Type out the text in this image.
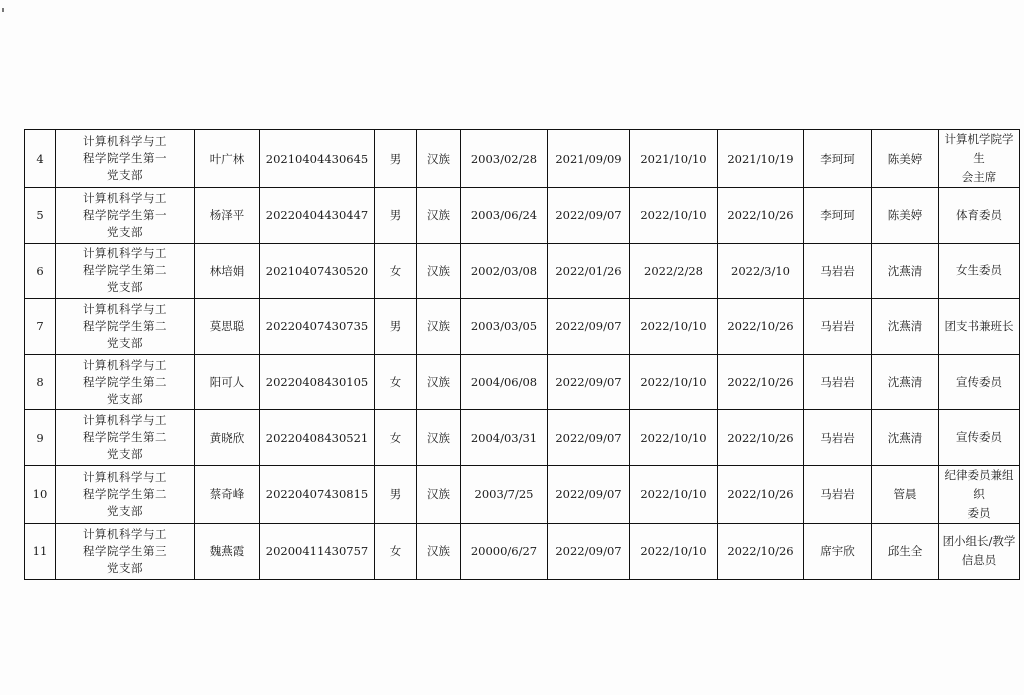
4	计算机科学与工
程学院学生第一
党支部	叶广林	20210404430645	男	汉族	2003/02/28	2021/09/09	2021/10/10	2021/10/19	李珂珂	陈美婷	计算机学院学生
会主席
5	计算机科学与工
程学院学生第一
党支部	杨泽平	20220404430447	男	汉族	2003/06/24	2022/09/07	2022/10/10	2022/10/26	李珂珂	陈美婷	体育委员
6	计算机科学与工
程学院学生第二
党支部	林培娟	20210407430520	女	汉族	2002/03/08	2022/01/26	2022/2/28	2022/3/10	马岩岩	沈燕清	女生委员
7	计算机科学与工
程学院学生第二
党支部	莫思聪	20220407430735	男	汉族	2003/03/05	2022/09/07	2022/10/10	2022/10/26	马岩岩	沈燕清	团支书兼班长
8	计算机科学与工
程学院学生第二
党支部	阳可人	20220408430105	女	汉族	2004/06/08	2022/09/07	2022/10/10	2022/10/26	马岩岩	沈燕清	宣传委员
9	计算机科学与工
程学院学生第二
党支部	黄晓欣	20220408430521	女	汉族	2004/03/31	2022/09/07	2022/10/10	2022/10/26	马岩岩	沈燕清	宣传委员
10	计算机科学与工
程学院学生第二
党支部	蔡奇峰	20220407430815	男	汉族	2003/7/25	2022/09/07	2022/10/10	2022/10/26	马岩岩	管晨	纪律委员兼组织
委员
11	计算机科学与工
程学院学生第三
党支部	魏燕霞	20200411430757	女	汉族	20000/6/27	2022/09/07	2022/10/10	2022/10/26	席宇欣	邱生全	团小组长/教学
信息员
